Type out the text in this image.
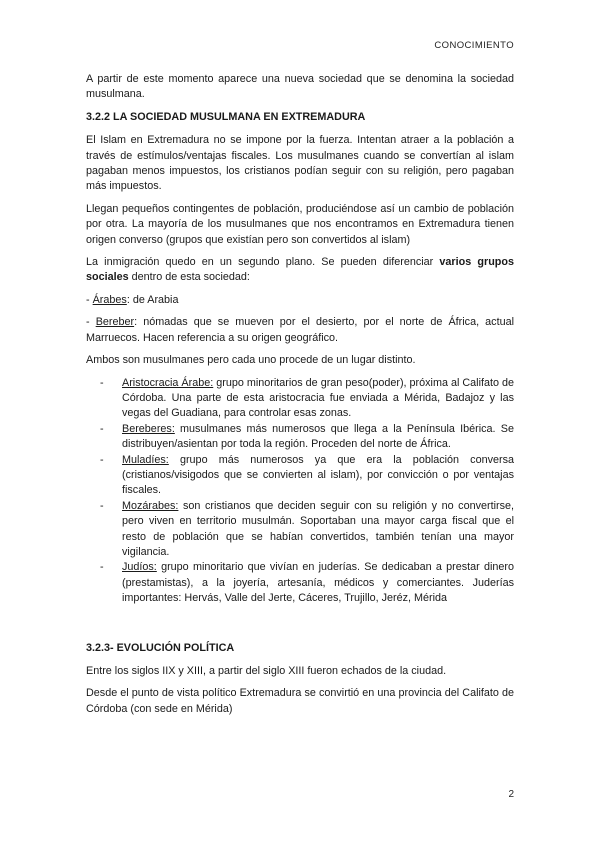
CONOCIMIENTO

A partir de este momento aparece una nueva sociedad que se denomina la sociedad musulmana.

3.2.2 LA SOCIEDAD MUSULMANA EN EXTREMADURA

El Islam en Extremadura no se impone por la fuerza. Intentan atraer a la población a través de estímulos/ventajas fiscales. Los musulmanes cuando se convertían al islam pagaban menos impuestos, los cristianos podían seguir con su religión, pero pagaban más impuestos.

Llegan pequeños contingentes de población, produciéndose así un cambio de población por otra. La mayoría de los musulmanes que nos encontramos en Extremadura tienen origen converso (grupos que existían pero son convertidos al islam)

La inmigración quedo en un segundo plano. Se pueden diferenciar varios grupos sociales dentro de esta sociedad:

- Árabes: de Arabia

- Bereber: nómadas que se mueven por el desierto, por el norte de África, actual Marruecos. Hacen referencia a su origen geográfico.

Ambos son musulmanes pero cada uno procede de un lugar distinto.

- Aristocracia Árabe: grupo minoritarios de gran peso(poder), próxima al Califato de Córdoba. Una parte de esta aristocracia fue enviada a Mérida, Badajoz y las vegas del Guadiana, para controlar esas zonas.
- Bereberes: musulmanes más numerosos que llega a la Península Ibérica. Se distribuyen/asientan por toda la región. Proceden del norte de África.
- Muladíes: grupo más numerosos ya que era la población conversa (cristianos/visigodos que se convierten al islam), por convicción o por ventajas fiscales.
- Mozárabes: son cristianos que deciden seguir con su religión y no convertirse, pero viven en territorio musulmán. Soportaban una mayor carga fiscal que el resto de población que se habían convertidos, también tenían una mayor vigilancia.
- Judíos: grupo minoritario que vivían en juderías. Se dedicaban a prestar dinero (prestamistas), a la joyería, artesanía, médicos y comerciantes. Juderías importantes: Hervás, Valle del Jerte, Cáceres, Trujillo, Jeréz, Mérida
3.2.3- EVOLUCIÓN POLÍTICA

Entre los siglos IIX y XIII, a partir del siglo XIII fueron echados de la ciudad.

Desde el punto de vista político Extremadura se convirtió en una provincia del Califato de Córdoba (con sede en Mérida)

2
